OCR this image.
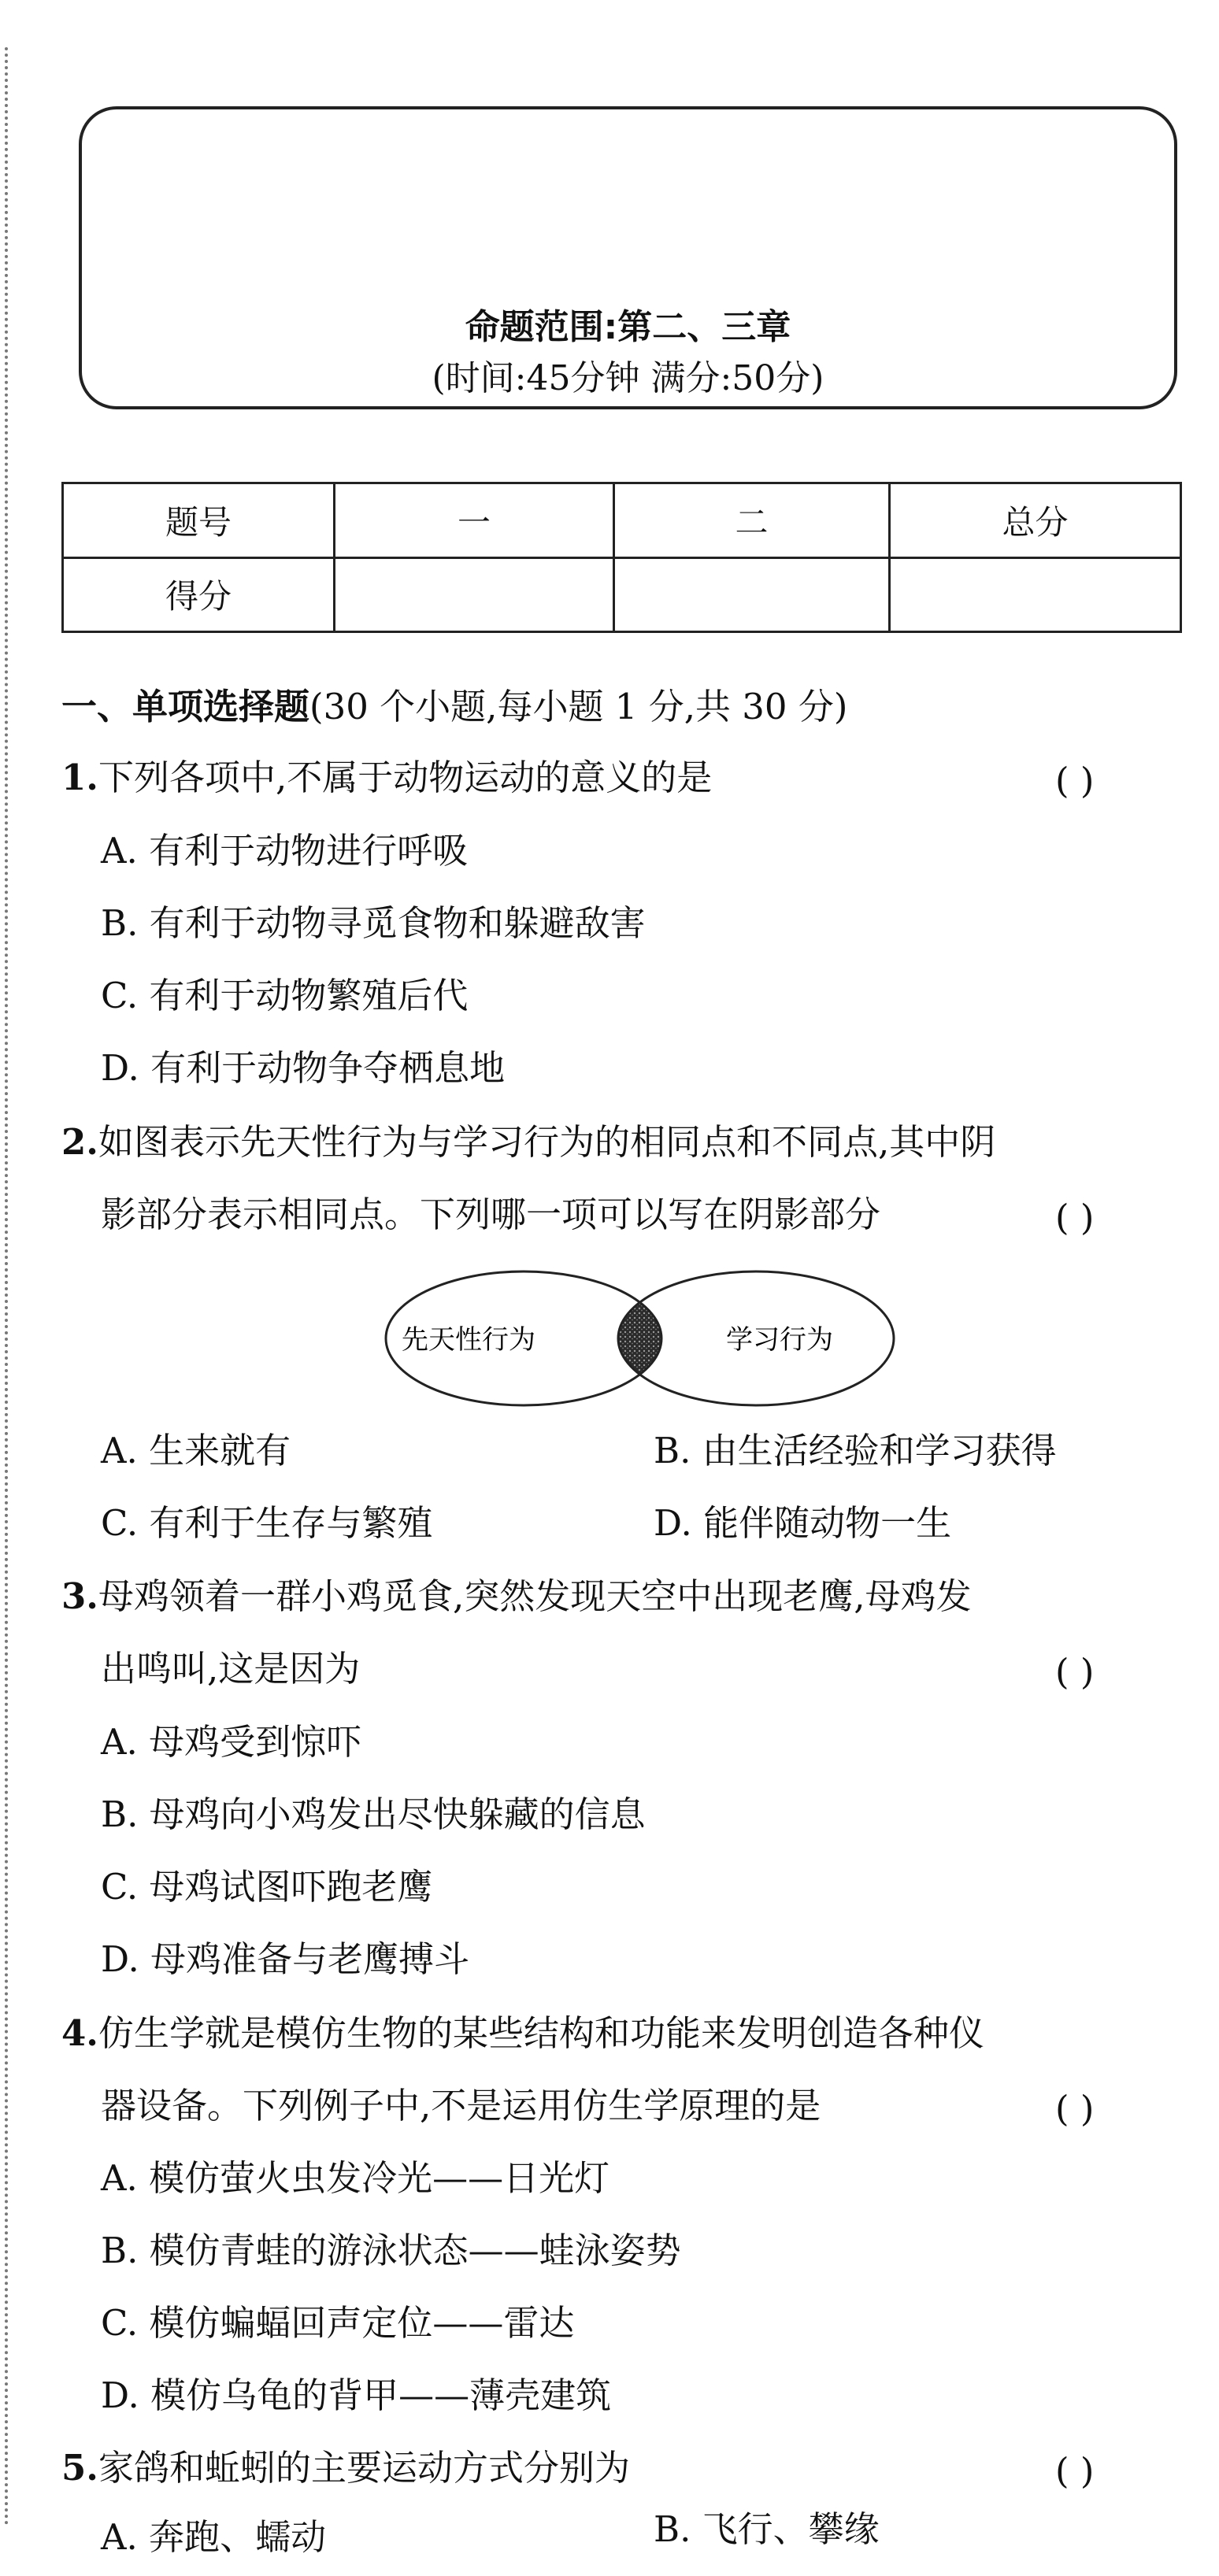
命题范围:第二、三章
(时间:45分钟 满分:50分)
题号	一	二	总分
得分			
一、单项选择题(30 个小题,每小题 1 分,共 30 分)
1.下列各项中,不属于动物运动的意义的是	( )
A. 有利于动物进行呼吸
B. 有利于动物寻觅食物和躲避敌害
C. 有利于动物繁殖后代
D. 有利于动物争夺栖息地
2.如图表示先天性行为与学习行为的相同点和不同点,其中阴
影部分表示相同点。下列哪一项可以写在阴影部分	( )
先天性行为	学习行为
A. 生来就有	B. 由生活经验和学习获得
C. 有利于生存与繁殖	D. 能伴随动物一生
3.母鸡领着一群小鸡觅食,突然发现天空中出现老鹰,母鸡发
出鸣叫,这是因为	( )
A. 母鸡受到惊吓
B. 母鸡向小鸡发出尽快躲藏的信息
C. 母鸡试图吓跑老鹰
D. 母鸡准备与老鹰搏斗
4.仿生学就是模仿生物的某些结构和功能来发明创造各种仪
器设备。下列例子中,不是运用仿生学原理的是	( )
A. 模仿萤火虫发冷光——日光灯
B. 模仿青蛙的游泳状态——蛙泳姿势
C. 模仿蝙蝠回声定位——雷达
D. 模仿乌龟的背甲——薄壳建筑
5.家鸽和蚯蚓的主要运动方式分别为	( )
A. 奔跑、蠕动	B. 飞行、攀缘
